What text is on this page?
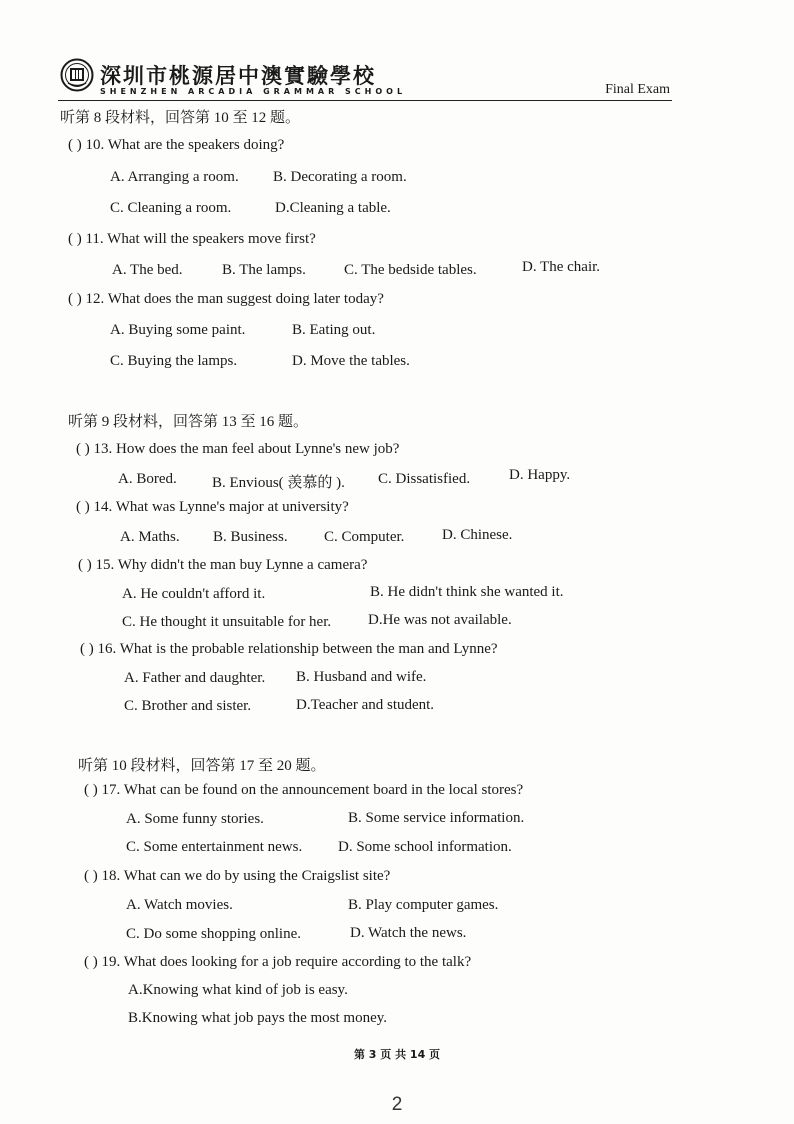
深圳市桃源居中澳實驗學校
SHENZHEN ARCADIA GRAMMAR SCHOOL	Final Exam
听第 8 段材料，回答第 10 至 12 题。
( ) 10. What are the speakers doing?
A. Arranging a room. B. Decorating a room.
C. Cleaning a room.	D.Cleaning a table.
( ) 11. What will the speakers move first?
A. The bed.	B. The lamps.	C. The bedside tables.	D. The chair.
( ) 12. What does the man suggest doing later today?
A. Buying some paint.	B. Eating out.
C. Buying the lamps.	D. Move the tables.
听第 9 段材料，回答第 13 至 16 题。
( ) 13. How does the man feel about Lynne's new job?
A. Bored. B. Envious( 羡慕的 ). C. Dissatisfied.	D. Happy.
( ) 14. What was Lynne's major at university?
A. Maths. B. Business. C. Computer.	D. Chinese.
( ) 15. Why didn't the man buy Lynne a camera?
A. He couldn't afford it.	B. He didn't think she wanted it.
C. He thought it unsuitable for her. D.He was not available.
( ) 16. What is the probable relationship between the man and Lynne?
A. Father and daughter. B. Husband and wife.
C. Brother and sister.	D.Teacher and student.
听第 10 段材料，回答第 17 至 20 题。
( ) 17. What can be found on the announcement board in the local stores?
A. Some funny stories.	B. Some service information.
C. Some entertainment news. D. Some school information.
( ) 18. What can we do by using the Craigslist site?
A. Watch movies.	B. Play computer games.
C. Do some shopping online.	D. Watch the news.
( ) 19. What does looking for a job require according to the talk?
A.Knowing what kind of job is easy.
B.Knowing what job pays the most money.
第 3 页 共 14 页
2
